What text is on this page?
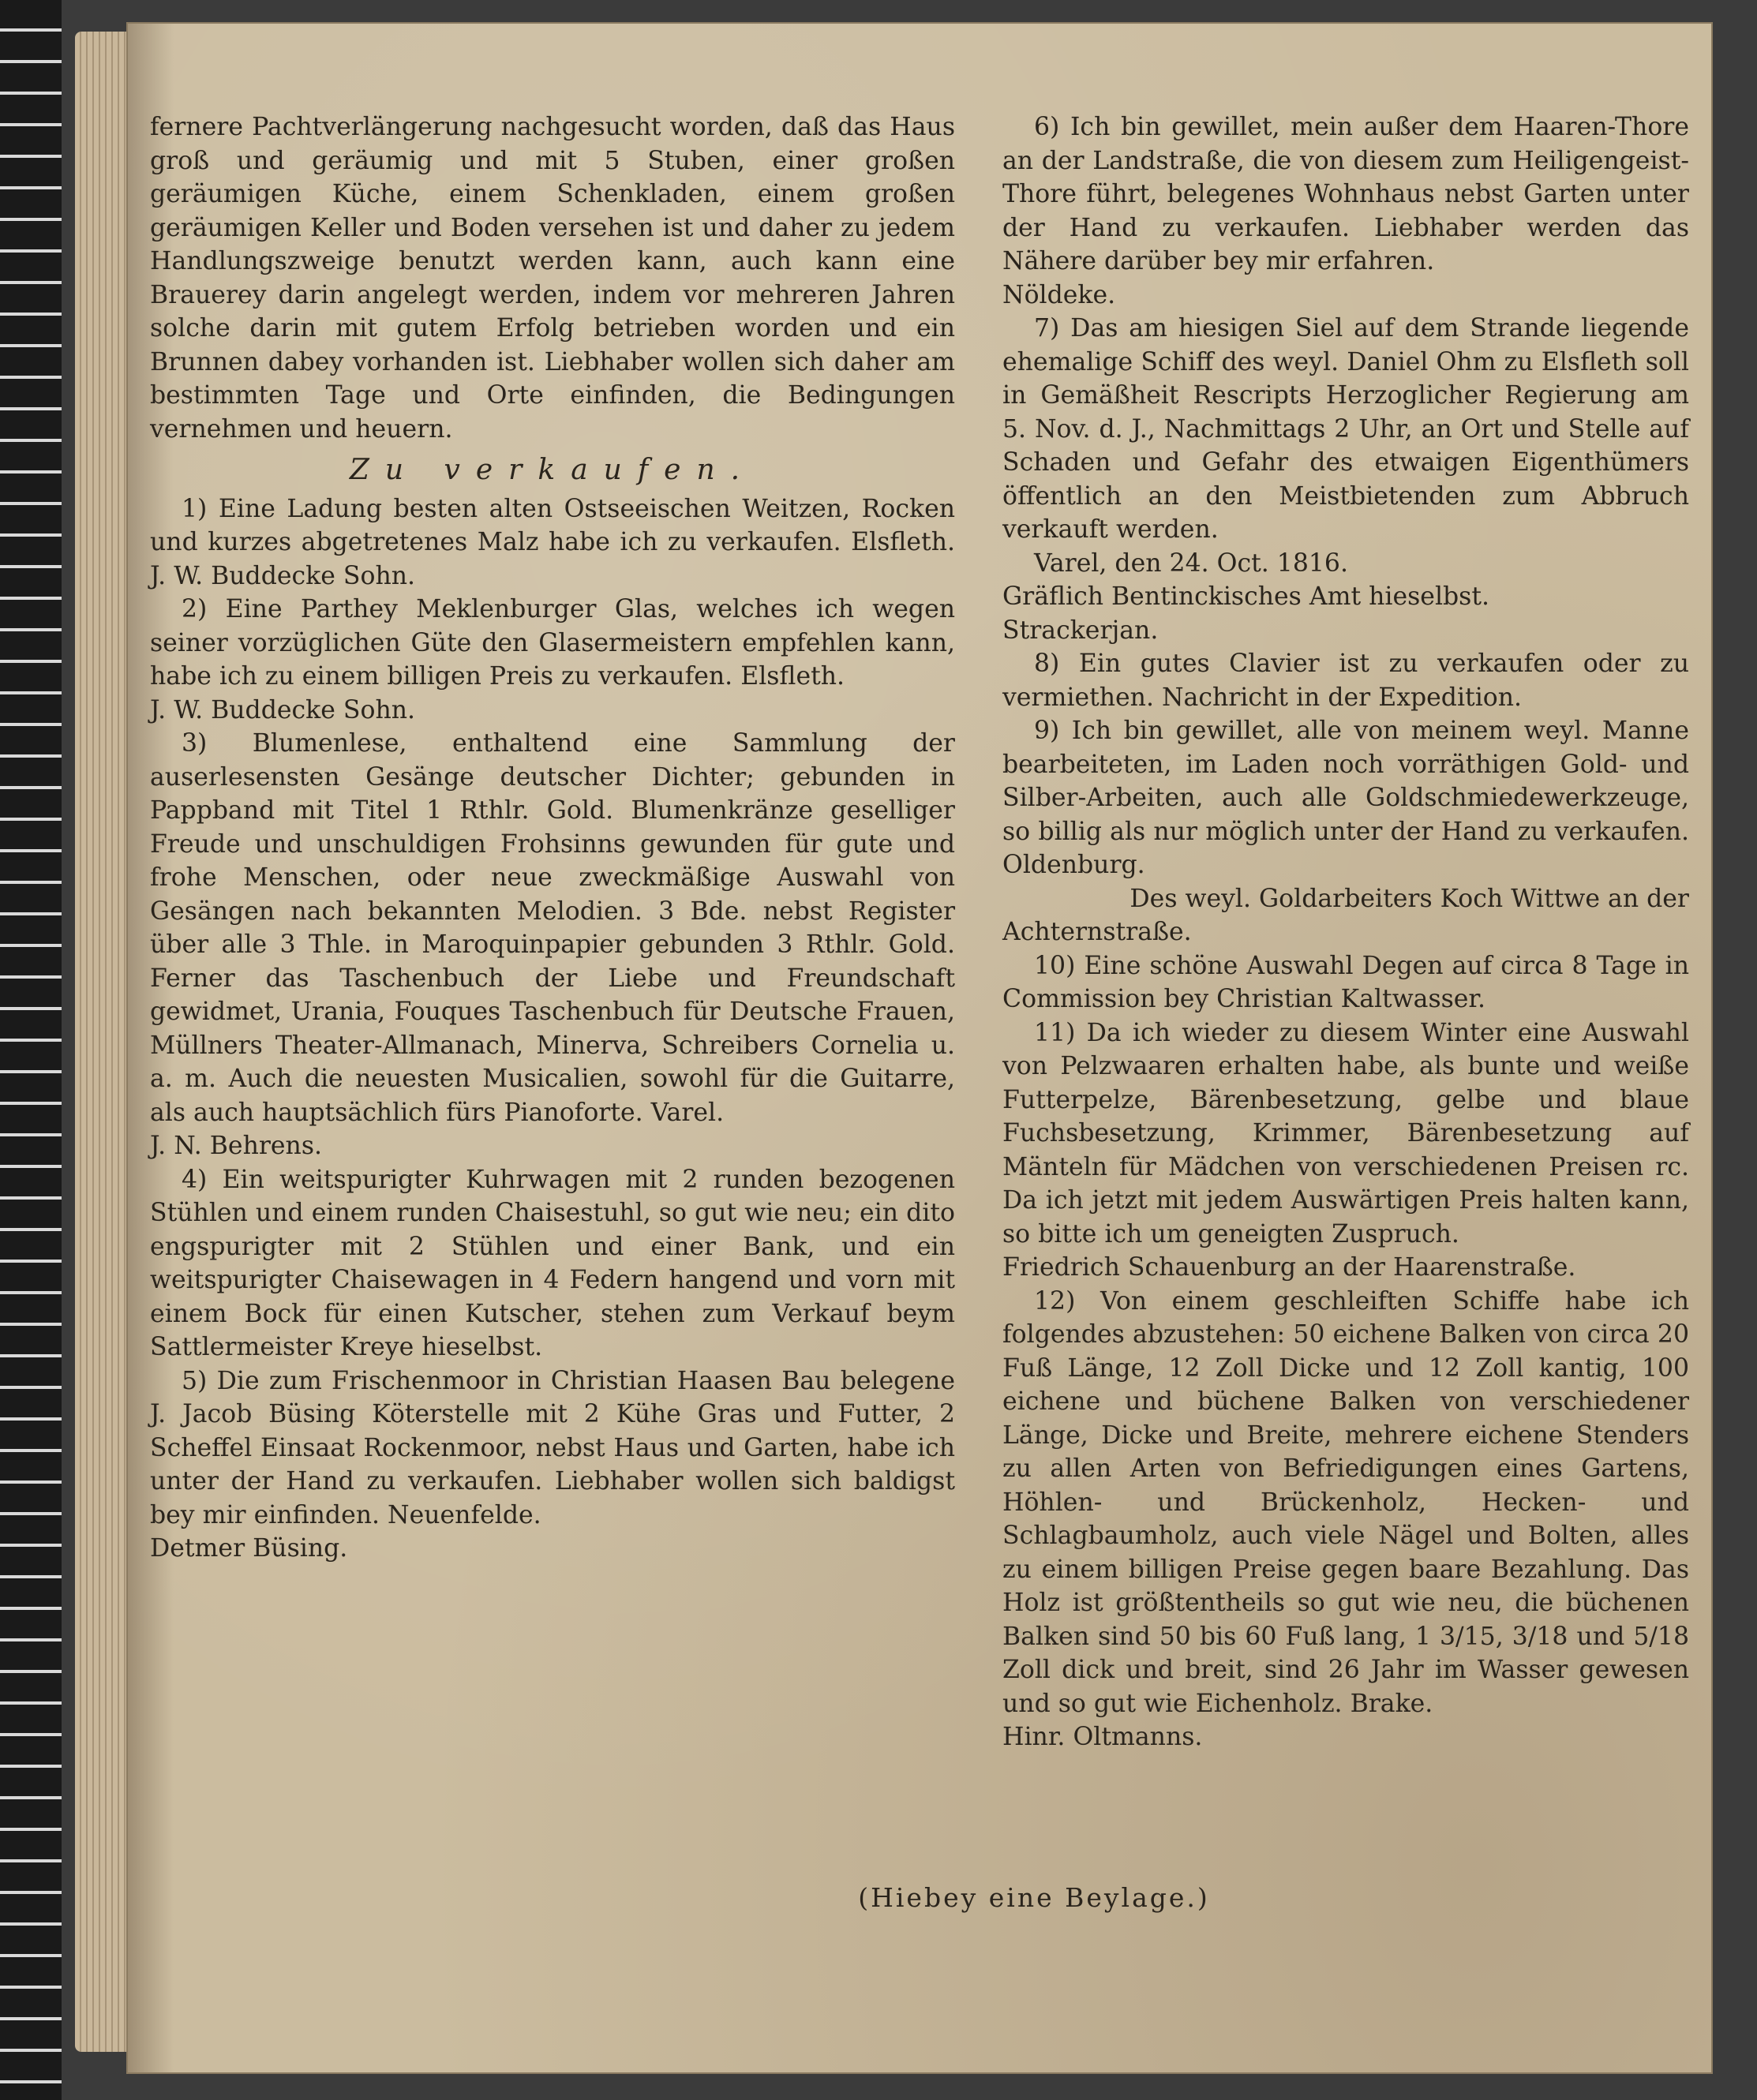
fernere Pachtverlängerung nachgesucht worden, daß das Haus groß und geräumig und mit 5 Stuben, einer großen geräumigen Küche, einem Schenkladen, einem großen geräumigen Keller und Boden versehen ist und daher zu jedem Handlungszweige benutzt werden kann, auch kann eine Brauerey darin angelegt werden, indem vor mehreren Jahren solche darin mit gutem Erfolg betrieben worden und ein Brunnen dabey vorhanden ist. Liebhaber wollen sich daher am bestimmten Tage und Orte einfinden, die Bedingungen vernehmen und heuern.

Zu verkaufen.

1) Eine Ladung besten alten Ostseeischen Weitzen, Rocken und kurzes abgetretenes Malz habe ich zu verkaufen. Elsfleth. J. W. Buddecke Sohn.

2) Eine Parthey Meklenburger Glas, welches ich wegen seiner vorzüglichen Güte den Glasermeistern empfehlen kann, habe ich zu einem billigen Preis zu verkaufen. Elsfleth.

J. W. Buddecke Sohn.

3) Blumenlese, enthaltend eine Sammlung der auserlesensten Gesänge deutscher Dichter; gebunden in Pappband mit Titel 1 Rthlr. Gold. Blumenkränze geselliger Freude und unschuldigen Frohsinns gewunden für gute und frohe Menschen, oder neue zweckmäßige Auswahl von Gesängen nach bekannten Melodien. 3 Bde. nebst Register über alle 3 Thle. in Maroquinpapier gebunden 3 Rthlr. Gold. Ferner das Taschenbuch der Liebe und Freundschaft gewidmet, Urania, Fouques Taschenbuch für Deutsche Frauen, Müllners Theater-Allmanach, Minerva, Schreibers Cornelia u. a. m. Auch die neuesten Musicalien, sowohl für die Guitarre, als auch hauptsächlich fürs Pianoforte. Varel.

J. N. Behrens.

4) Ein weitspurigter Kuhrwagen mit 2 runden bezogenen Stühlen und einem runden Chaisestuhl, so gut wie neu; ein dito engspurigter mit 2 Stühlen und einer Bank, und ein weitspurigter Chaisewagen in 4 Federn hangend und vorn mit einem Bock für einen Kutscher, stehen zum Verkauf beym Sattlermeister Kreye hieselbst.

5) Die zum Frischenmoor in Christian Haasen Bau belegene J. Jacob Büsing Köterstelle mit 2 Kühe Gras und Futter, 2 Scheffel Einsaat Rockenmoor, nebst Haus und Garten, habe ich unter der Hand zu verkaufen. Liebhaber wollen sich baldigst bey mir einfinden. Neuenfelde.

Detmer Büsing.

6) Ich bin gewillet, mein außer dem Haaren-Thore an der Landstraße, die von diesem zum Heiligengeist-Thore führt, belegenes Wohnhaus nebst Garten unter der Hand zu verkaufen. Liebhaber werden das Nähere darüber bey mir erfahren.

Nöldeke.

7) Das am hiesigen Siel auf dem Strande liegende ehemalige Schiff des weyl. Daniel Ohm zu Elsfleth soll in Gemäßheit Rescripts Herzoglicher Regierung am 5. Nov. d. J., Nachmittags 2 Uhr, an Ort und Stelle auf Schaden und Gefahr des etwaigen Eigenthümers öffentlich an den Meistbietenden zum Abbruch verkauft werden.

Varel, den 24. Oct. 1816.

Gräflich Bentinckisches Amt hieselbst.

Strackerjan.

8) Ein gutes Clavier ist zu verkaufen oder zu vermiethen. Nachricht in der Expedition.

9) Ich bin gewillet, alle von meinem weyl. Manne bearbeiteten, im Laden noch vorräthigen Gold- und Silber-Arbeiten, auch alle Goldschmiedewerkzeuge, so billig als nur möglich unter der Hand zu verkaufen. Oldenburg.

Des weyl. Goldarbeiters Koch Wittwe an der Achternstraße.

10) Eine schöne Auswahl Degen auf circa 8 Tage in Commission bey Christian Kaltwasser.

11) Da ich wieder zu diesem Winter eine Auswahl von Pelzwaaren erhalten habe, als bunte und weiße Futterpelze, Bärenbesetzung, gelbe und blaue Fuchsbesetzung, Krimmer, Bärenbesetzung auf Mänteln für Mädchen von verschiedenen Preisen rc. Da ich jetzt mit jedem Auswärtigen Preis halten kann, so bitte ich um geneigten Zuspruch.

Friedrich Schauenburg an der Haarenstraße.

12) Von einem geschleiften Schiffe habe ich folgendes abzustehen: 50 eichene Balken von circa 20 Fuß Länge, 12 Zoll Dicke und 12 Zoll kantig, 100 eichene und büchene Balken von verschiedener Länge, Dicke und Breite, mehrere eichene Stenders zu allen Arten von Befriedigungen eines Gartens, Höhlen- und Brückenholz, Hecken- und Schlagbaumholz, auch viele Nägel und Bolten, alles zu einem billigen Preise gegen baare Bezahlung. Das Holz ist größtentheils so gut wie neu, die büchenen Balken sind 50 bis 60 Fuß lang, 1 3/15, 3/18 und 5/18 Zoll dick und breit, sind 26 Jahr im Wasser gewesen und so gut wie Eichenholz. Brake.

Hinr. Oltmanns.

(Hiebey eine Beylage.)
